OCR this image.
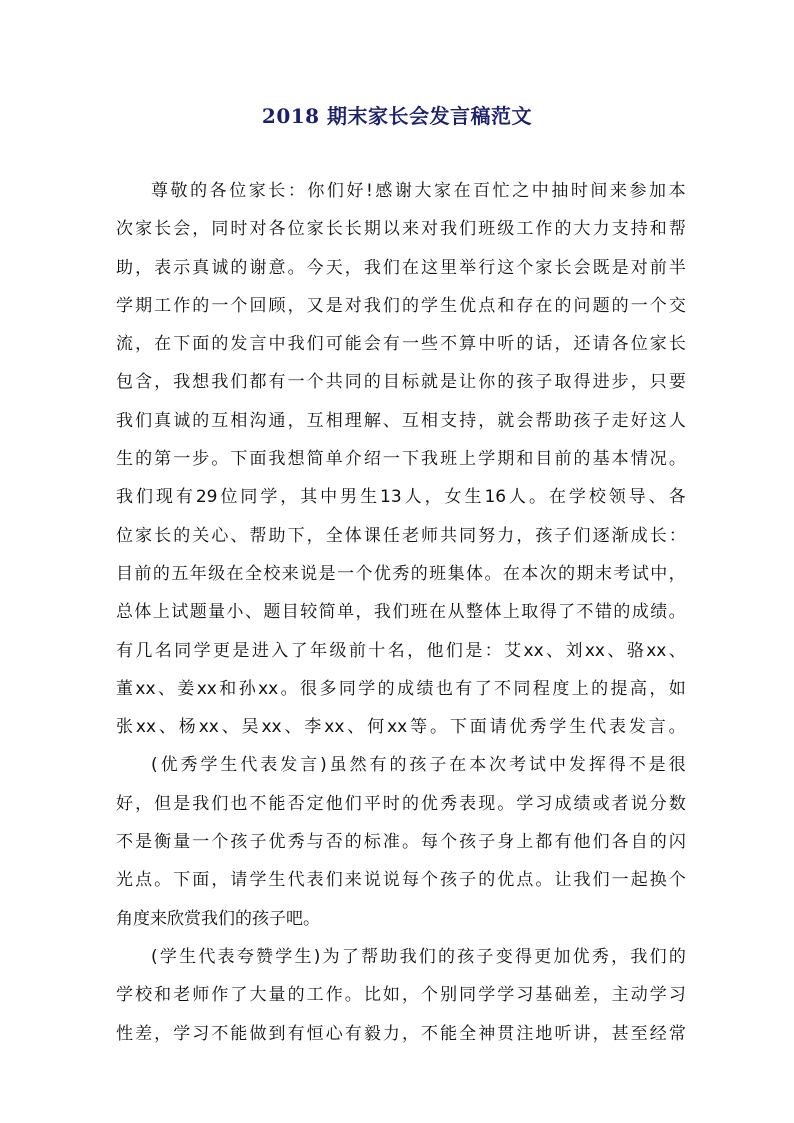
2018 期末家长会发言稿范文
尊 敬 的 各 位 家 长 ： 你 们 好 ! 感 谢 大 家 在 百 忙 之 中 抽 时 间 来 参 加 本
次 家 长 会 ， 同 时 对 各 位 家 长 长 期 以 来 对 我 们 班 级 工 作 的 大 力 支 持 和 帮
助 ， 表 示 真 诚 的 谢 意 。 今 天 ， 我 们 在 这 里 举 行 这 个 家 长 会 既 是 对 前 半
学 期 工 作 的 一 个 回 顾 ， 又 是 对 我 们 的 学 生 优 点 和 存 在 的 问 题 的 一 个 交
流 ， 在 下 面 的 发 言 中 我 们 可 能 会 有 一 些 不 算 中 听 的 话 ， 还 请 各 位 家 长
包 含 ， 我 想 我 们 都 有 一 个 共 同 的 目 标 就 是 让 你 的 孩 子 取 得 进 步 ， 只 要
我 们 真 诚 的 互 相 沟 通 ， 互 相 理 解 、 互 相 支 持 ， 就 会 帮 助 孩 子 走 好 这 人
生 的 第 一 步 。 下 面 我 想 简 单 介 绍 一 下 我 班 上 学 期 和 目 前 的 基 本 情 况 。
我 们 现 有 29 位 同 学 ， 其 中 男 生 13 人 ， 女 生 16 人 。 在 学 校 领 导 、 各
位 家 长 的 关 心 、 帮 助 下 ， 全 体 课 任 老 师 共 同 努 力 ， 孩 子 们 逐 渐 成 长 ：
目 前 的 五 年 级 在 全 校 来 说 是 一 个 优 秀 的 班 集 体 。 在 本 次 的 期 末 考 试 中 ，
总 体 上 试 题 量 小 、 题 目 较 简 单 ， 我 们 班 在 从 整 体 上 取 得 了 不 错 的 成 绩 。
有 几 名 同 学 更 是 进 入 了 年 级 前 十 名 ， 他 们 是 ： 艾 xx 、 刘 xx 、 骆 xx 、
董 xx 、 姜 xx 和 孙 xx 。 很 多 同 学 的 成 绩 也 有 了 不 同 程 度 上 的 提 高 ， 如
张 xx 、 杨 xx 、 吴 xx 、 李 xx 、 何 xx 等 。 下 面 请 优 秀 学 生 代 表 发 言 。
( 优 秀 学 生 代 表 发 言 ) 虽 然 有 的 孩 子 在 本 次 考 试 中 发 挥 得 不 是 很
好 ， 但 是 我 们 也 不 能 否 定 他 们 平 时 的 优 秀 表 现 。 学 习 成 绩 或 者 说 分 数
不 是 衡 量 一 个 孩 子 优 秀 与 否 的 标 准 。 每 个 孩 子 身 上 都 有 他 们 各 自 的 闪
光 点 。 下 面 ， 请 学 生 代 表 们 来 说 说 每 个 孩 子 的 优 点 。 让 我 们 一 起 换 个
角度来欣赏我们的孩子吧。
( 学 生 代 表 夸 赞 学 生 ) 为 了 帮 助 我 们 的 孩 子 变 得 更 加 优 秀 ， 我 们 的
学 校 和 老 师 作 了 大 量 的 工 作 。 比 如 ， 个 别 同 学 学 习 基 础 差 ， 主 动 学 习
性 差 ， 学 习 不 能 做 到 有 恒 心 有 毅 力 ， 不 能 全 神 贯 注 地 听 讲 ， 甚 至 经 常
